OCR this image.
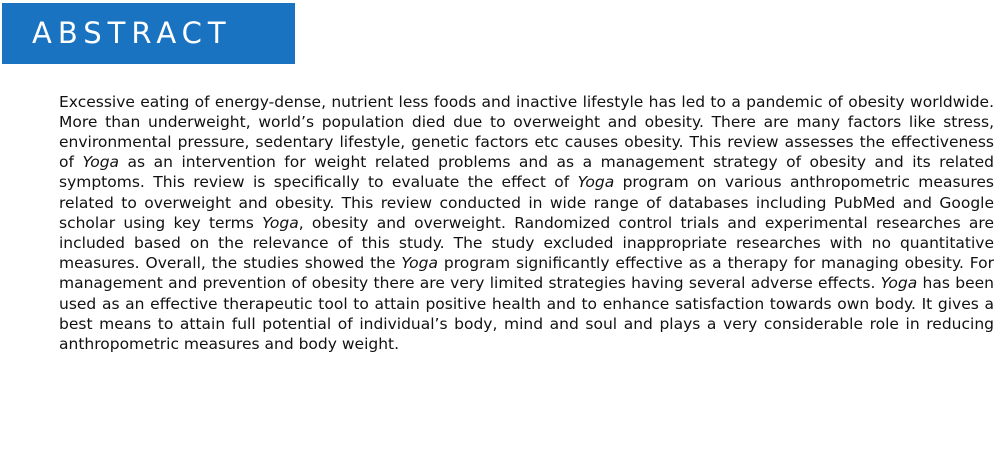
ABSTRACT

Excessive eating of energy-dense, nutrient less foods and inactive lifestyle has led to a pandemic of obesity worldwide. More than underweight, world’s population died due to overweight and obesity. There are many factors like stress, environmental pressure, sedentary lifestyle, genetic factors etc causes obesity. This review assesses the effectiveness of Yoga as an intervention for weight related problems and as a management strategy of obesity and its related symptoms. This review is specifically to evaluate the effect of Yoga program on various anthropometric measures related to overweight and obesity. This review conducted in wide range of databases including PubMed and Google scholar using key terms Yoga, obesity and overweight. Randomized control trials and experimental researches are included based on the relevance of this study. The study excluded inappropriate researches with no quantitative measures. Overall, the studies showed the Yoga program significantly effective as a therapy for managing obesity. For management and prevention of obesity there are very limited strategies having several adverse effects. Yoga has been used as an effective therapeutic tool to attain positive health and to enhance satisfaction towards own body. It gives a best means to attain full potential of individual’s body, mind and soul and plays a very considerable role in reducing anthropometric measures and body weight.
